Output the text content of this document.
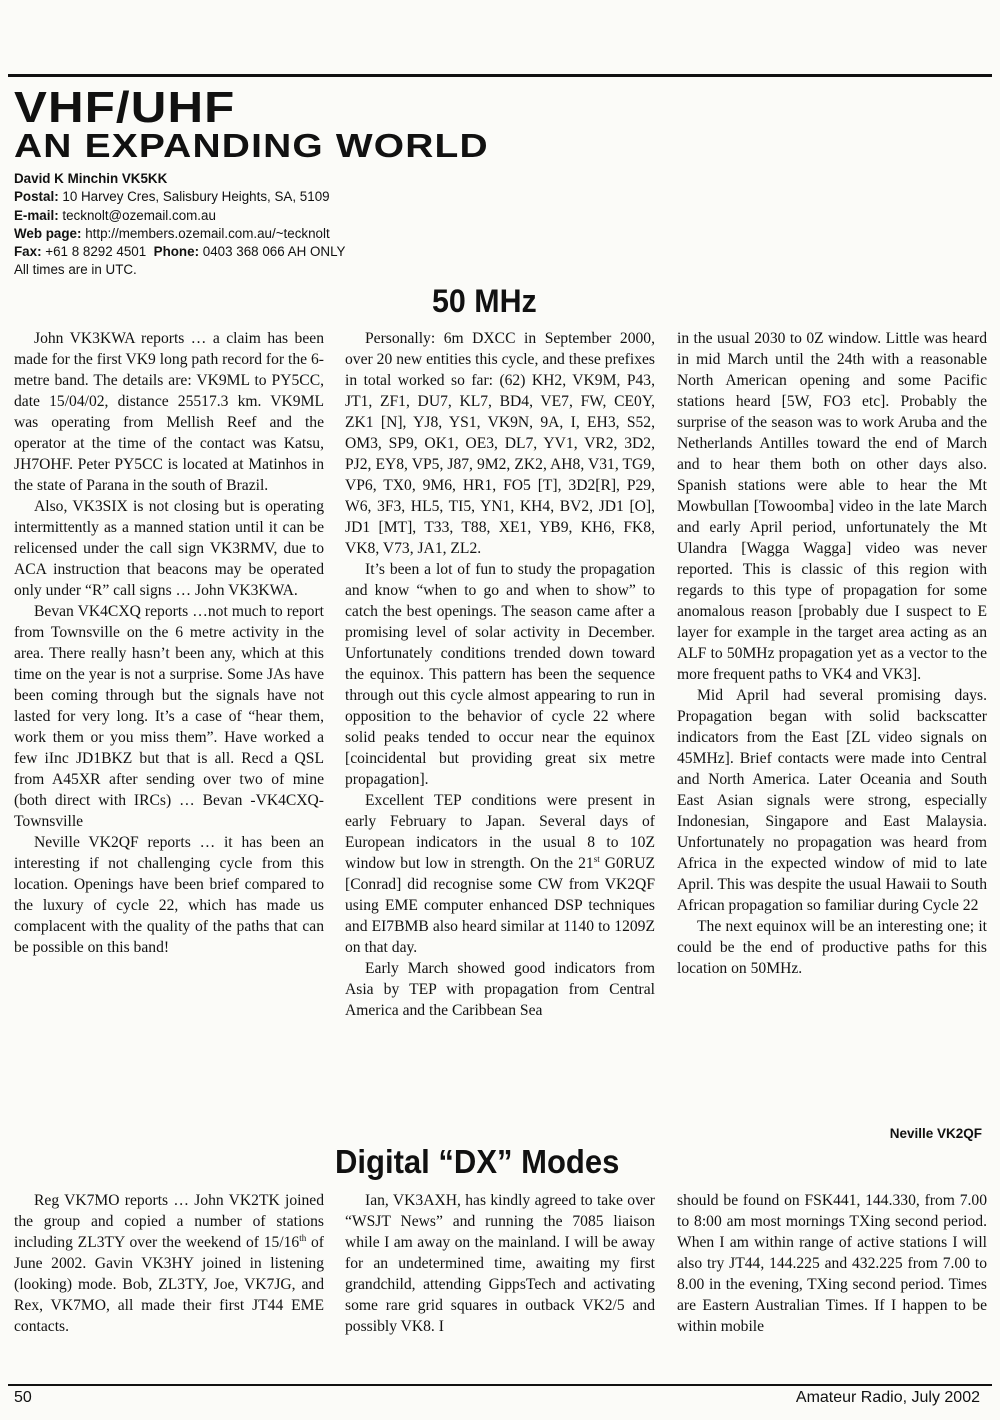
VHF/UHF
AN EXPANDING WORLD
David K Minchin VK5KK
Postal: 10 Harvey Cres, Salisbury Heights, SA, 5109
E-mail: tecknolt@ozemail.com.au
Web page: http://members.ozemail.com.au/~tecknolt
Fax: +61 8 8292 4501 Phone: 0403 368 066 AH ONLY
All times are in UTC.
50 MHz

John VK3KWA reports … a claim has been made for the first VK9 long path record for the 6-metre band. The details are: VK9ML to PY5CC, date 15/04/02, distance 25517.3 km. VK9ML was operating from Mellish Reef and the operator at the time of the contact was Katsu, JH7OHF. Peter PY5CC is located at Matinhos in the state of Parana in the south of Brazil.

Also, VK3SIX is not closing but is operating intermittently as a manned station until it can be relicensed under the call sign VK3RMV, due to ACA instruction that beacons may be operated only under “R” call signs … John VK3KWA.

Bevan VK4CXQ reports …not much to report from Townsville on the 6 metre activity in the area. There really hasn’t been any, which at this time on the year is not a surprise. Some JAs have been coming through but the signals have not lasted for very long. It’s a case of “hear them, work them or you miss them”. Have worked a few iInc JD1BKZ but that is all. Recd a QSL from A45XR after sending over two of mine (both direct with IRCs) … Bevan -VK4CXQ-Townsville

Neville VK2QF reports … it has been an interesting if not challenging cycle from this location. Openings have been brief compared to the luxury of cycle 22, which has made us complacent with the quality of the paths that can be possible on this band!

Personally: 6m DXCC in September 2000, over 20 new entities this cycle, and these prefixes in total worked so far: (62) KH2, VK9M, P43, JT1, ZF1, DU7, KL7, BD4, VE7, FW, CE0Y, ZK1 [N], YJ8, YS1, VK9N, 9A, I, EH3, S52, OM3, SP9, OK1, OE3, DL7, YV1, VR2, 3D2, PJ2, EY8, VP5, J87, 9M2, ZK2, AH8, V31, TG9, VP6, TX0, 9M6, HR1, FO5 [T], 3D2[R], P29, W6, 3F3, HL5, TI5, YN1, KH4, BV2, JD1 [O], JD1 [MT], T33, T88, XE1, YB9, KH6, FK8, VK8, V73, JA1, ZL2.

It’s been a lot of fun to study the propagation and know “when to go and when to show” to catch the best openings. The season came after a promising level of solar activity in December. Unfortunately conditions trended down toward the equinox. This pattern has been the sequence through out this cycle almost appearing to run in opposition to the behavior of cycle 22 where solid peaks tended to occur near the equinox [coincidental but providing great six metre propagation].

Excellent TEP conditions were present in early February to Japan. Several days of European indicators in the usual 8 to 10Z window but low in strength. On the 21st G0RUZ [Conrad] did recognise some CW from VK2QF using EME computer enhanced DSP techniques and EI7BMB also heard similar at 1140 to 1209Z on that day.

Early March showed good indicators from Asia by TEP with propagation from Central America and the Caribbean Sea

in the usual 2030 to 0Z window. Little was heard in mid March until the 24th with a reasonable North American opening and some Pacific stations heard [5W, FO3 etc]. Probably the surprise of the season was to work Aruba and the Netherlands Antilles toward the end of March and to hear them both on other days also. Spanish stations were able to hear the Mt Mowbullan [Towoomba] video in the late March and early April period, unfortunately the Mt Ulandra [Wagga Wagga] video was never reported. This is classic of this region with regards to this type of propagation for some anomalous reason [probably due I suspect to E layer for example in the target area acting as an ALF to 50MHz propagation yet as a vector to the more frequent paths to VK4 and VK3].

Mid April had several promising days. Propagation began with solid backscatter indicators from the East [ZL video signals on 45MHz]. Brief contacts were made into Central and North America. Later Oceania and South East Asian signals were strong, especially Indonesian, Singapore and East Malaysia. Unfortunately no propagation was heard from Africa in the expected window of mid to late April. This was despite the usual Hawaii to South African propagation so familiar during Cycle 22

The next equinox will be an interesting one; it could be the end of productive paths for this location on 50MHz.

Neville VK2QF
Digital “DX” Modes

Reg VK7MO reports … John VK2TK joined the group and copied a number of stations including ZL3TY over the weekend of 15/16th of June 2002. Gavin VK3HY joined in listening (looking) mode. Bob, ZL3TY, Joe, VK7JG, and Rex, VK7MO, all made their first JT44 EME contacts.

Ian, VK3AXH, has kindly agreed to take over “WSJT News” and running the 7085 liaison while I am away on the mainland. I will be away for an undetermined time, awaiting my first grandchild, attending GippsTech and activating some rare grid squares in outback VK2/5 and possibly VK8. I

should be found on FSK441, 144.330, from 7.00 to 8:00 am most mornings TXing second period. When I am within range of active stations I will also try JT44, 144.225 and 432.225 from 7.00 to 8.00 in the evening, TXing second period. Times are Eastern Australian Times. If I happen to be within mobile

50	Amateur Radio, July 2002
